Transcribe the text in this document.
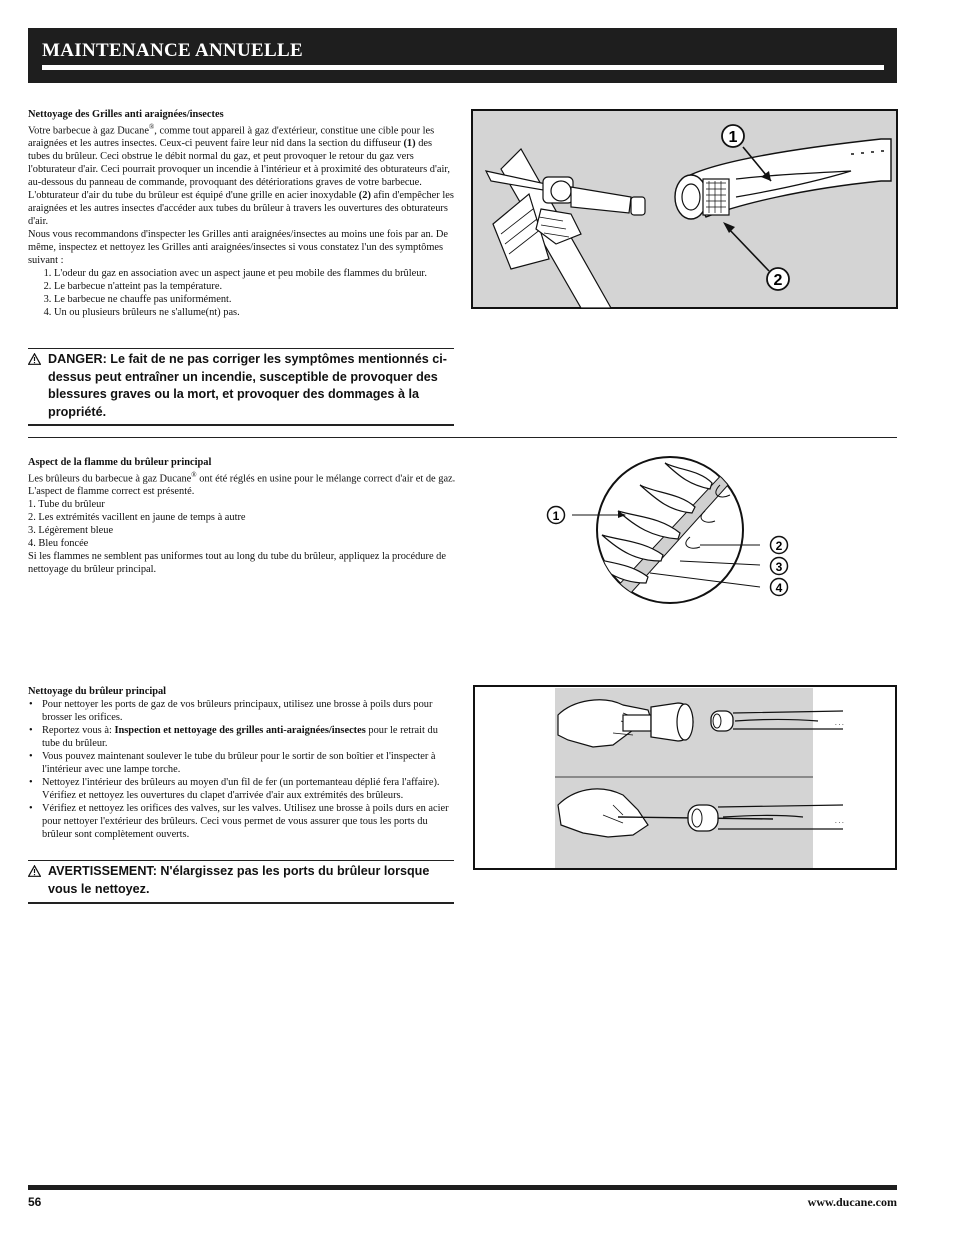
MAINTENANCE ANNUELLE
Nettoyage des Grilles anti araignées/insectes

Votre barbecue à gaz Ducane®, comme tout appareil à gaz d'extérieur, constitue une cible pour les araignées et les autres insectes. Ceux-ci peuvent faire leur nid dans la section du diffuseur (1) des tubes du brûleur. Ceci obstrue le débit normal du gaz, et peut provoquer le retour du gaz vers l'obturateur d'air. Ceci pourrait provoquer un incendie à l'intérieur et à proximité des obturateurs d'air, au-dessous du panneau de commande, provoquant des détériorations graves de votre barbecue.

L'obturateur d'air du tube du brûleur est équipé d'une grille en acier inoxydable (2) afin d'empêcher les araignées et les autres insectes d'accéder aux tubes du brûleur à travers les ouvertures des obturateurs d'air.

Nous vous recommandons d'inspecter les Grilles anti araignées/insectes au moins une fois par an. De même, inspectez et nettoyez les Grilles anti araignées/insectes si vous constatez l'un des symptômes suivant :

1. L'odeur du gaz en association avec un aspect jaune et peu mobile des flammes du brûleur.
2. Le barbecue n'atteint pas la température.
3. Le barbecue ne chauffe pas uniformément.
4. Un ou plusieurs brûleurs ne s'allume(nt) pas.
DANGER: Le fait de ne pas corriger les symptômes mentionnés ci-dessus peut entraîner un incendie, susceptible de provoquer des blessures graves ou la mort, et provoquer des dommages à la propriété.
1
2
Aspect de la flamme du brûleur principal

Les brûleurs du barbecue à gaz Ducane® ont été réglés en usine pour le mélange correct d'air et de gaz. L'aspect de flamme correct est présenté.

1. Tube du brûleur

2. Les extrémités vacillent en jaune de temps à autre

3. Légèrement bleue

4. Bleu foncée

Si les flammes ne semblent pas uniformes tout au long du tube du brûleur, appliquez la procédure de nettoyage du brûleur principal.

1
2
3
4
Nettoyage du brûleur principal
• Pour nettoyer les ports de gaz de vos brûleurs principaux, utilisez une brosse à poils durs pour brosser les orifices.
• Reportez vous à: Inspection et nettoyage des grilles anti-araignées/insectes pour le retrait du tube du brûleur.
• Vous pouvez maintenant soulever le tube du brûleur pour le sortir de son boîtier et l'inspecter à l'intérieur avec une lampe torche.
• Nettoyez l'intérieur des brûleurs au moyen d'un fil de fer (un portemanteau déplié fera l'affaire). Vérifiez et nettoyez les ouvertures du clapet d'arrivée d'air aux extrémités des brûleurs.
• Vérifiez et nettoyez les orifices des valves, sur les valves. Utilisez une brosse à poils durs en acier pour nettoyer l'extérieur des brûleurs. Ceci vous permet de vous assurer que tous les ports du brûleur sont complètement ouverts.
AVERTISSEMENT: N'élargissez pas les ports du brûleur lorsque vous le nettoyez.
. . .
. . .
56	www.ducane.com
